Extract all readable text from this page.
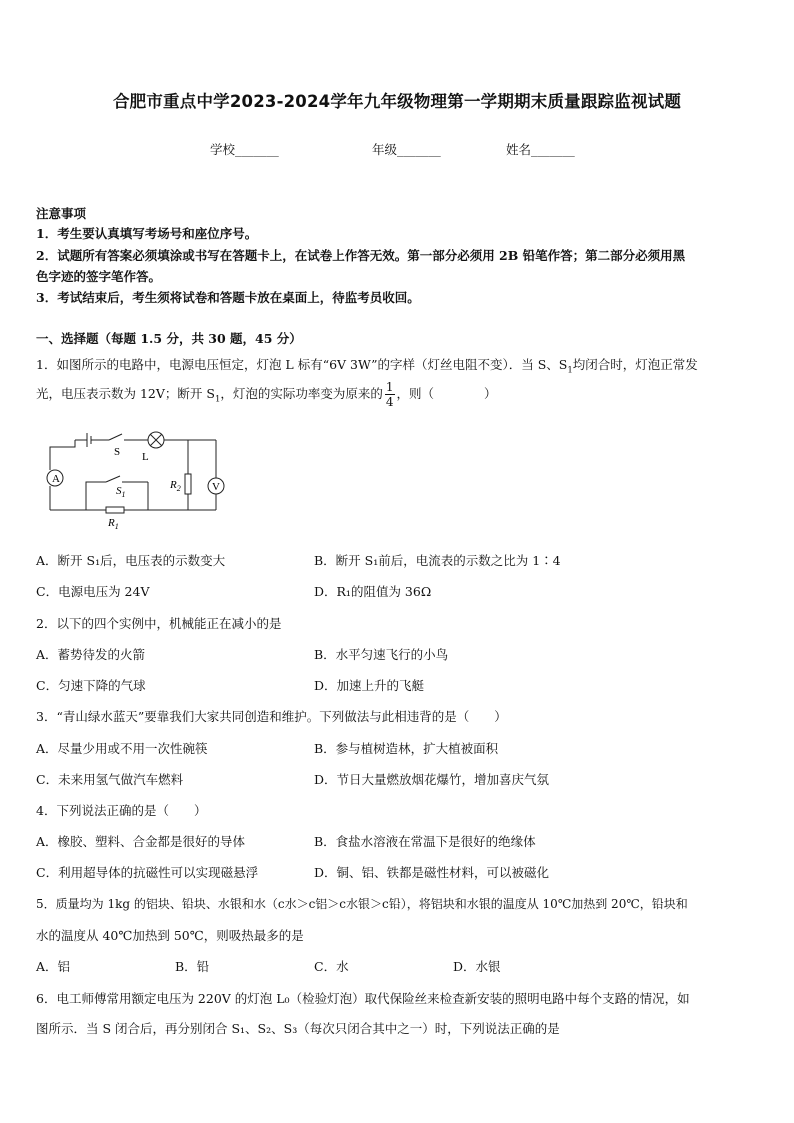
合肥市重点中学2023-2024学年九年级物理第一学期期末质量跟踪监视试题
学校_______	年级_______	姓名_______
注意事项
1．考生要认真填写考场号和座位序号。
2．试题所有答案必须填涂或书写在答题卡上，在试卷上作答无效。第一部分必须用 2B 铅笔作答；第二部分必须用黑
色字迹的签字笔作答。
3．考试结束后，考生须将试卷和答题卡放在桌面上，待监考员收回。
一、选择题（每题 1.5 分，共 30 题，45 分）
1．如图所示的电路中，电源电压恒定，灯泡 L 标有“6V 3W”的字样（灯丝电阻不变）．当 S、$S_1$均闭合时，灯泡正常发
光，电压表示数为 12V；断开 $S_1$，灯泡的实际功率变为原来的 $\frac{1}{4}$ ，则（　　　　）
S L
A
V
$S_1$
$R_1$
$R_2$
A．断开 S₁后，电压表的示数变大	B．断开 S₁前后，电流表的示数之比为 1∶4
C．电源电压为 24V	D．R₁的阻值为 36Ω
2．以下的四个实例中，机械能正在减小的是
A．蓄势待发的火箭	B．水平匀速飞行的小鸟
C．匀速下降的气球	D．加速上升的飞艇
3．“青山绿水蓝天”要靠我们大家共同创造和维护。下列做法与此相违背的是（　　）
A．尽量少用或不用一次性碗筷	B．参与植树造林，扩大植被面积
C．未来用氢气做汽车燃料	D．节日大量燃放烟花爆竹，增加喜庆气氛
4．下列说法正确的是（　　）
A．橡胶、塑料、合金都是很好的导体	B．食盐水溶液在常温下是很好的绝缘体
C．利用超导体的抗磁性可以实现磁悬浮	D．铜、铝、铁都是磁性材料，可以被磁化
5．质量均为 1kg 的铝块、铅块、水银和水（c水＞c铝＞c水银＞c铅），将铝块和水银的温度从 10℃加热到 20℃，铅块和
水的温度从 40℃加热到 50℃，则吸热最多的是
A．铝	B．铅	C．水	D．水银
6．电工师傅常用额定电压为 220V 的灯泡 L₀（检验灯泡）取代保险丝来检查新安装的照明电路中每个支路的情况，如
图所示．当 S 闭合后，再分别闭合 S₁、S₂、S₃（每次只闭合其中之一）时，下列说法正确的是
